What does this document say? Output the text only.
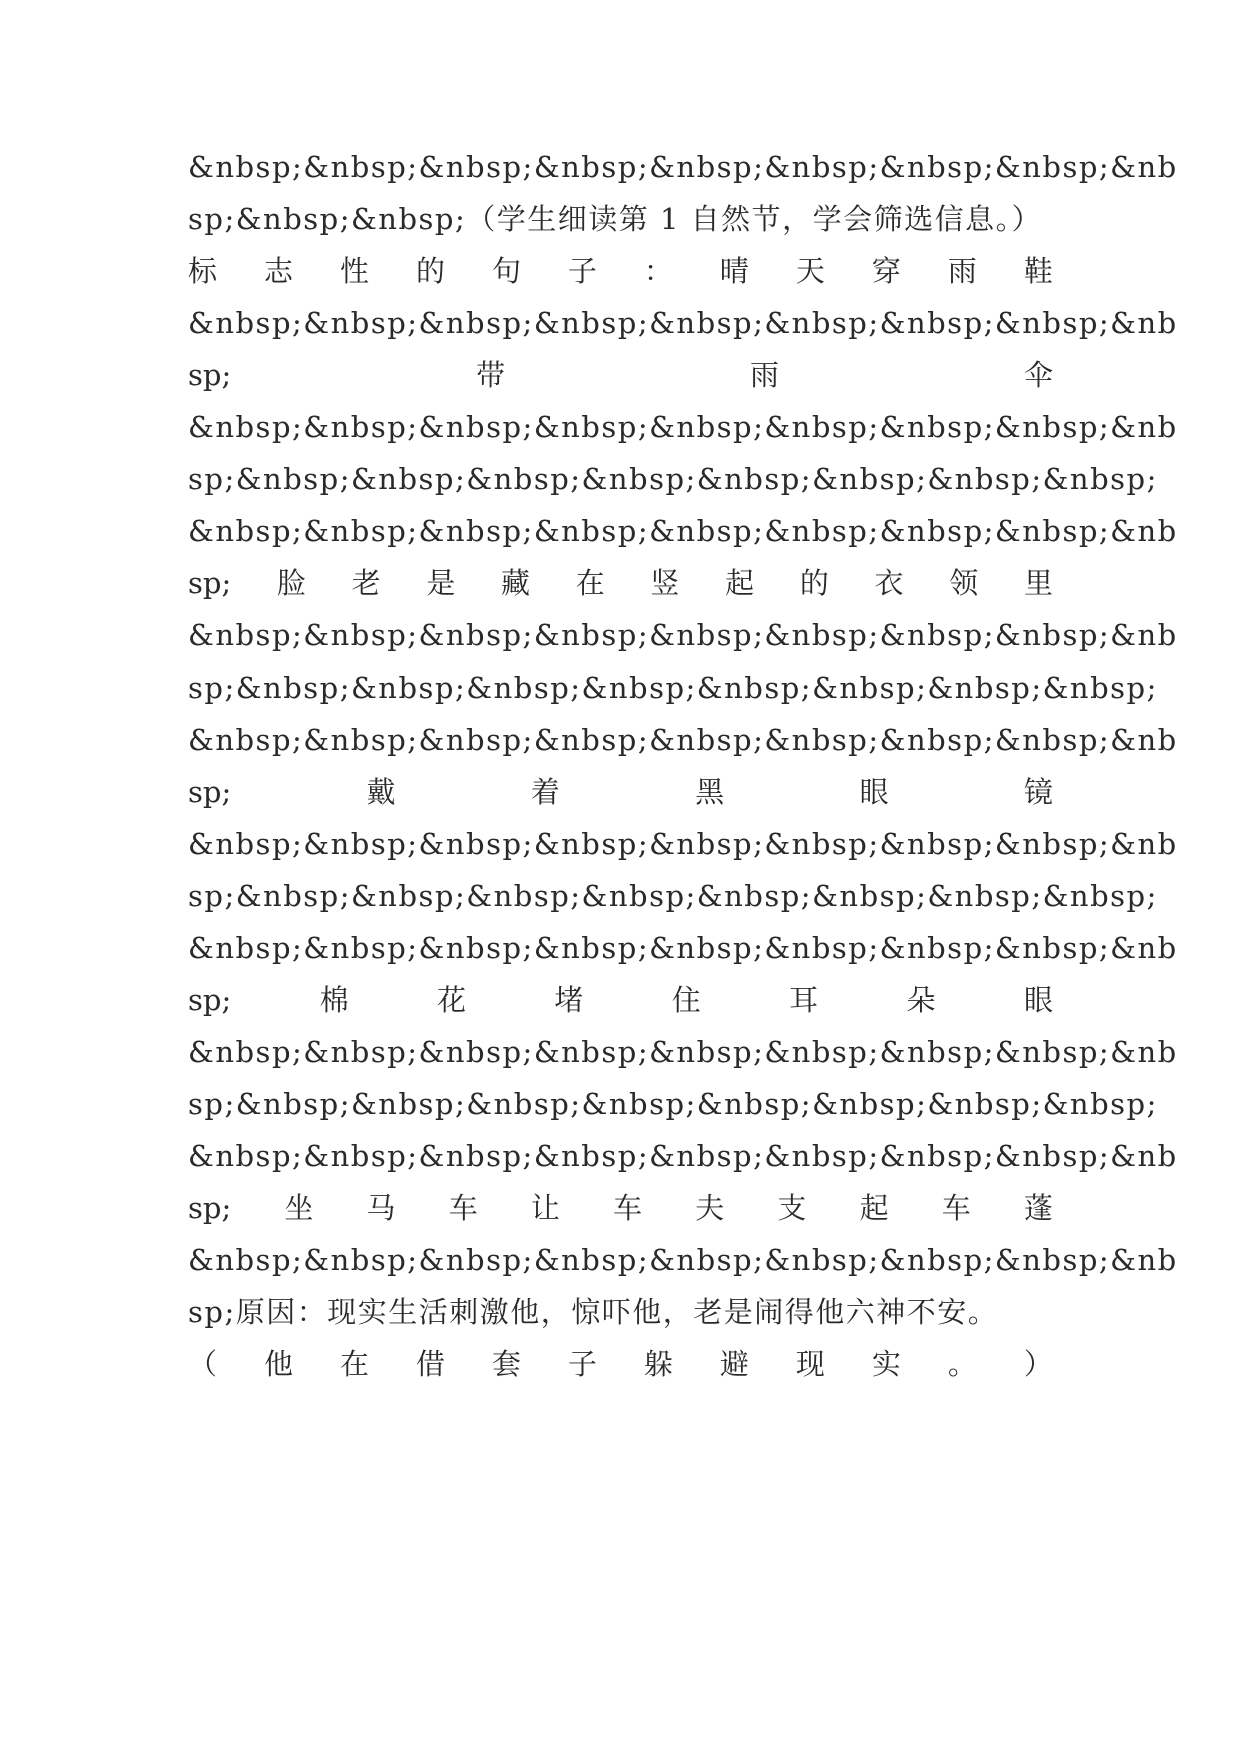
&nbsp;&nbsp;&nbsp;&nbsp;&nbsp;&nbsp;&nbsp;&nbsp;&nb
sp;&nbsp;&nbsp;（学生细读第 1 自然节，学会筛选信息。）
标 志 性 的 句 子 ： 晴 天 穿 雨 鞋
&nbsp;&nbsp;&nbsp;&nbsp;&nbsp;&nbsp;&nbsp;&nbsp;&nb
sp;	带	雨	伞
&nbsp;&nbsp;&nbsp;&nbsp;&nbsp;&nbsp;&nbsp;&nbsp;&nb
sp;&nbsp;&nbsp;&nbsp;&nbsp;&nbsp;&nbsp;&nbsp;&nbsp;
&nbsp;&nbsp;&nbsp;&nbsp;&nbsp;&nbsp;&nbsp;&nbsp;&nb
sp; 脸 老 是 藏 在 竖 起 的 衣 领 里
&nbsp;&nbsp;&nbsp;&nbsp;&nbsp;&nbsp;&nbsp;&nbsp;&nb
sp;&nbsp;&nbsp;&nbsp;&nbsp;&nbsp;&nbsp;&nbsp;&nbsp;
&nbsp;&nbsp;&nbsp;&nbsp;&nbsp;&nbsp;&nbsp;&nbsp;&nb
sp;	戴	着	黑	眼	镜
&nbsp;&nbsp;&nbsp;&nbsp;&nbsp;&nbsp;&nbsp;&nbsp;&nb
sp;&nbsp;&nbsp;&nbsp;&nbsp;&nbsp;&nbsp;&nbsp;&nbsp;
&nbsp;&nbsp;&nbsp;&nbsp;&nbsp;&nbsp;&nbsp;&nbsp;&nb
sp;	棉	花	堵	住	耳	朵	眼
&nbsp;&nbsp;&nbsp;&nbsp;&nbsp;&nbsp;&nbsp;&nbsp;&nb
sp;&nbsp;&nbsp;&nbsp;&nbsp;&nbsp;&nbsp;&nbsp;&nbsp;
&nbsp;&nbsp;&nbsp;&nbsp;&nbsp;&nbsp;&nbsp;&nbsp;&nb
sp; 坐 马 车 让 车 夫 支 起 车 蓬
&nbsp;&nbsp;&nbsp;&nbsp;&nbsp;&nbsp;&nbsp;&nbsp;&nb
sp;原因：现实生活刺激他，惊吓他，老是闹得他六神不安。
（ 他 在 借 套 子 躲 避 现 实 。 ）
